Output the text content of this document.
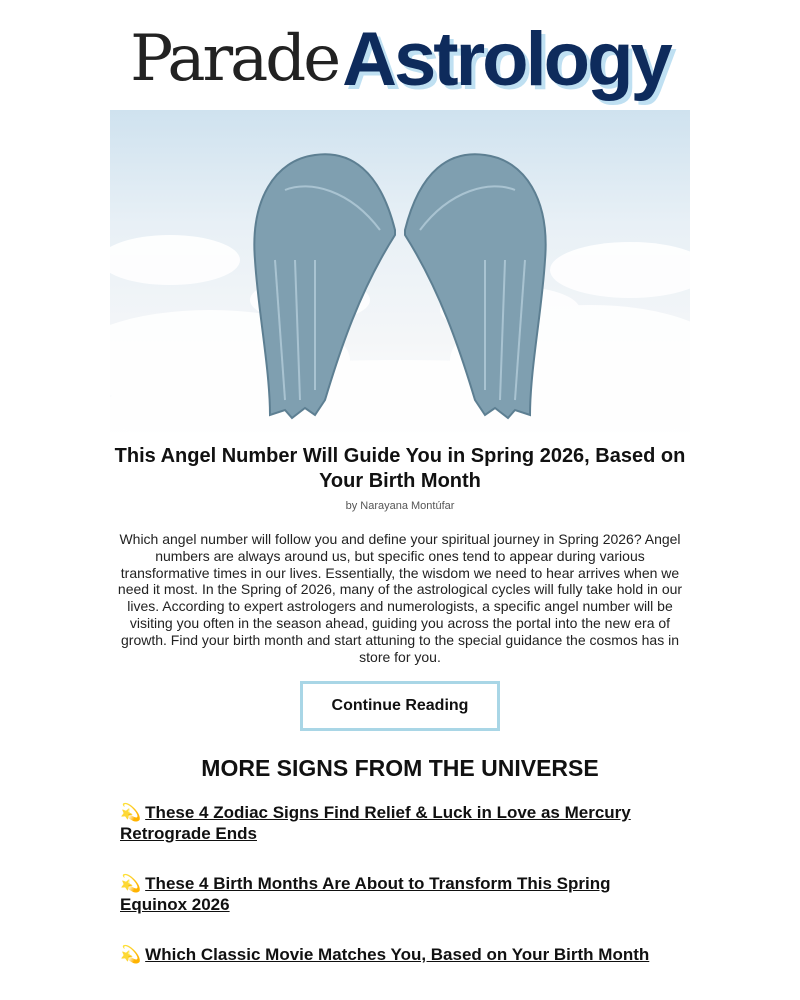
Parade Astrology
This Angel Number Will Guide You in Spring 2026, Based on Your Birth Month
by Narayana Montúfar

Which angel number will follow you and define your spiritual journey in Spring 2026? Angel numbers are always around us, but specific ones tend to appear during various transformative times in our lives. Essentially, the wisdom we need to hear arrives when we need it most. In the Spring of 2026, many of the astrological cycles will fully take hold in our lives. According to expert astrologers and numerologists, a specific angel number will be visiting you often in the season ahead, guiding you across the portal into the new era of growth. Find your birth month and start attuning to the special guidance the cosmos has in store for you.

Continue Reading
MORE SIGNS FROM THE UNIVERSE
💫 These 4 Zodiac Signs Find Relief & Luck in Love as Mercury Retrograde Ends
💫 These 4 Birth Months Are About to Transform This Spring Equinox 2026
💫 Which Classic Movie Matches You, Based on Your Birth Month
